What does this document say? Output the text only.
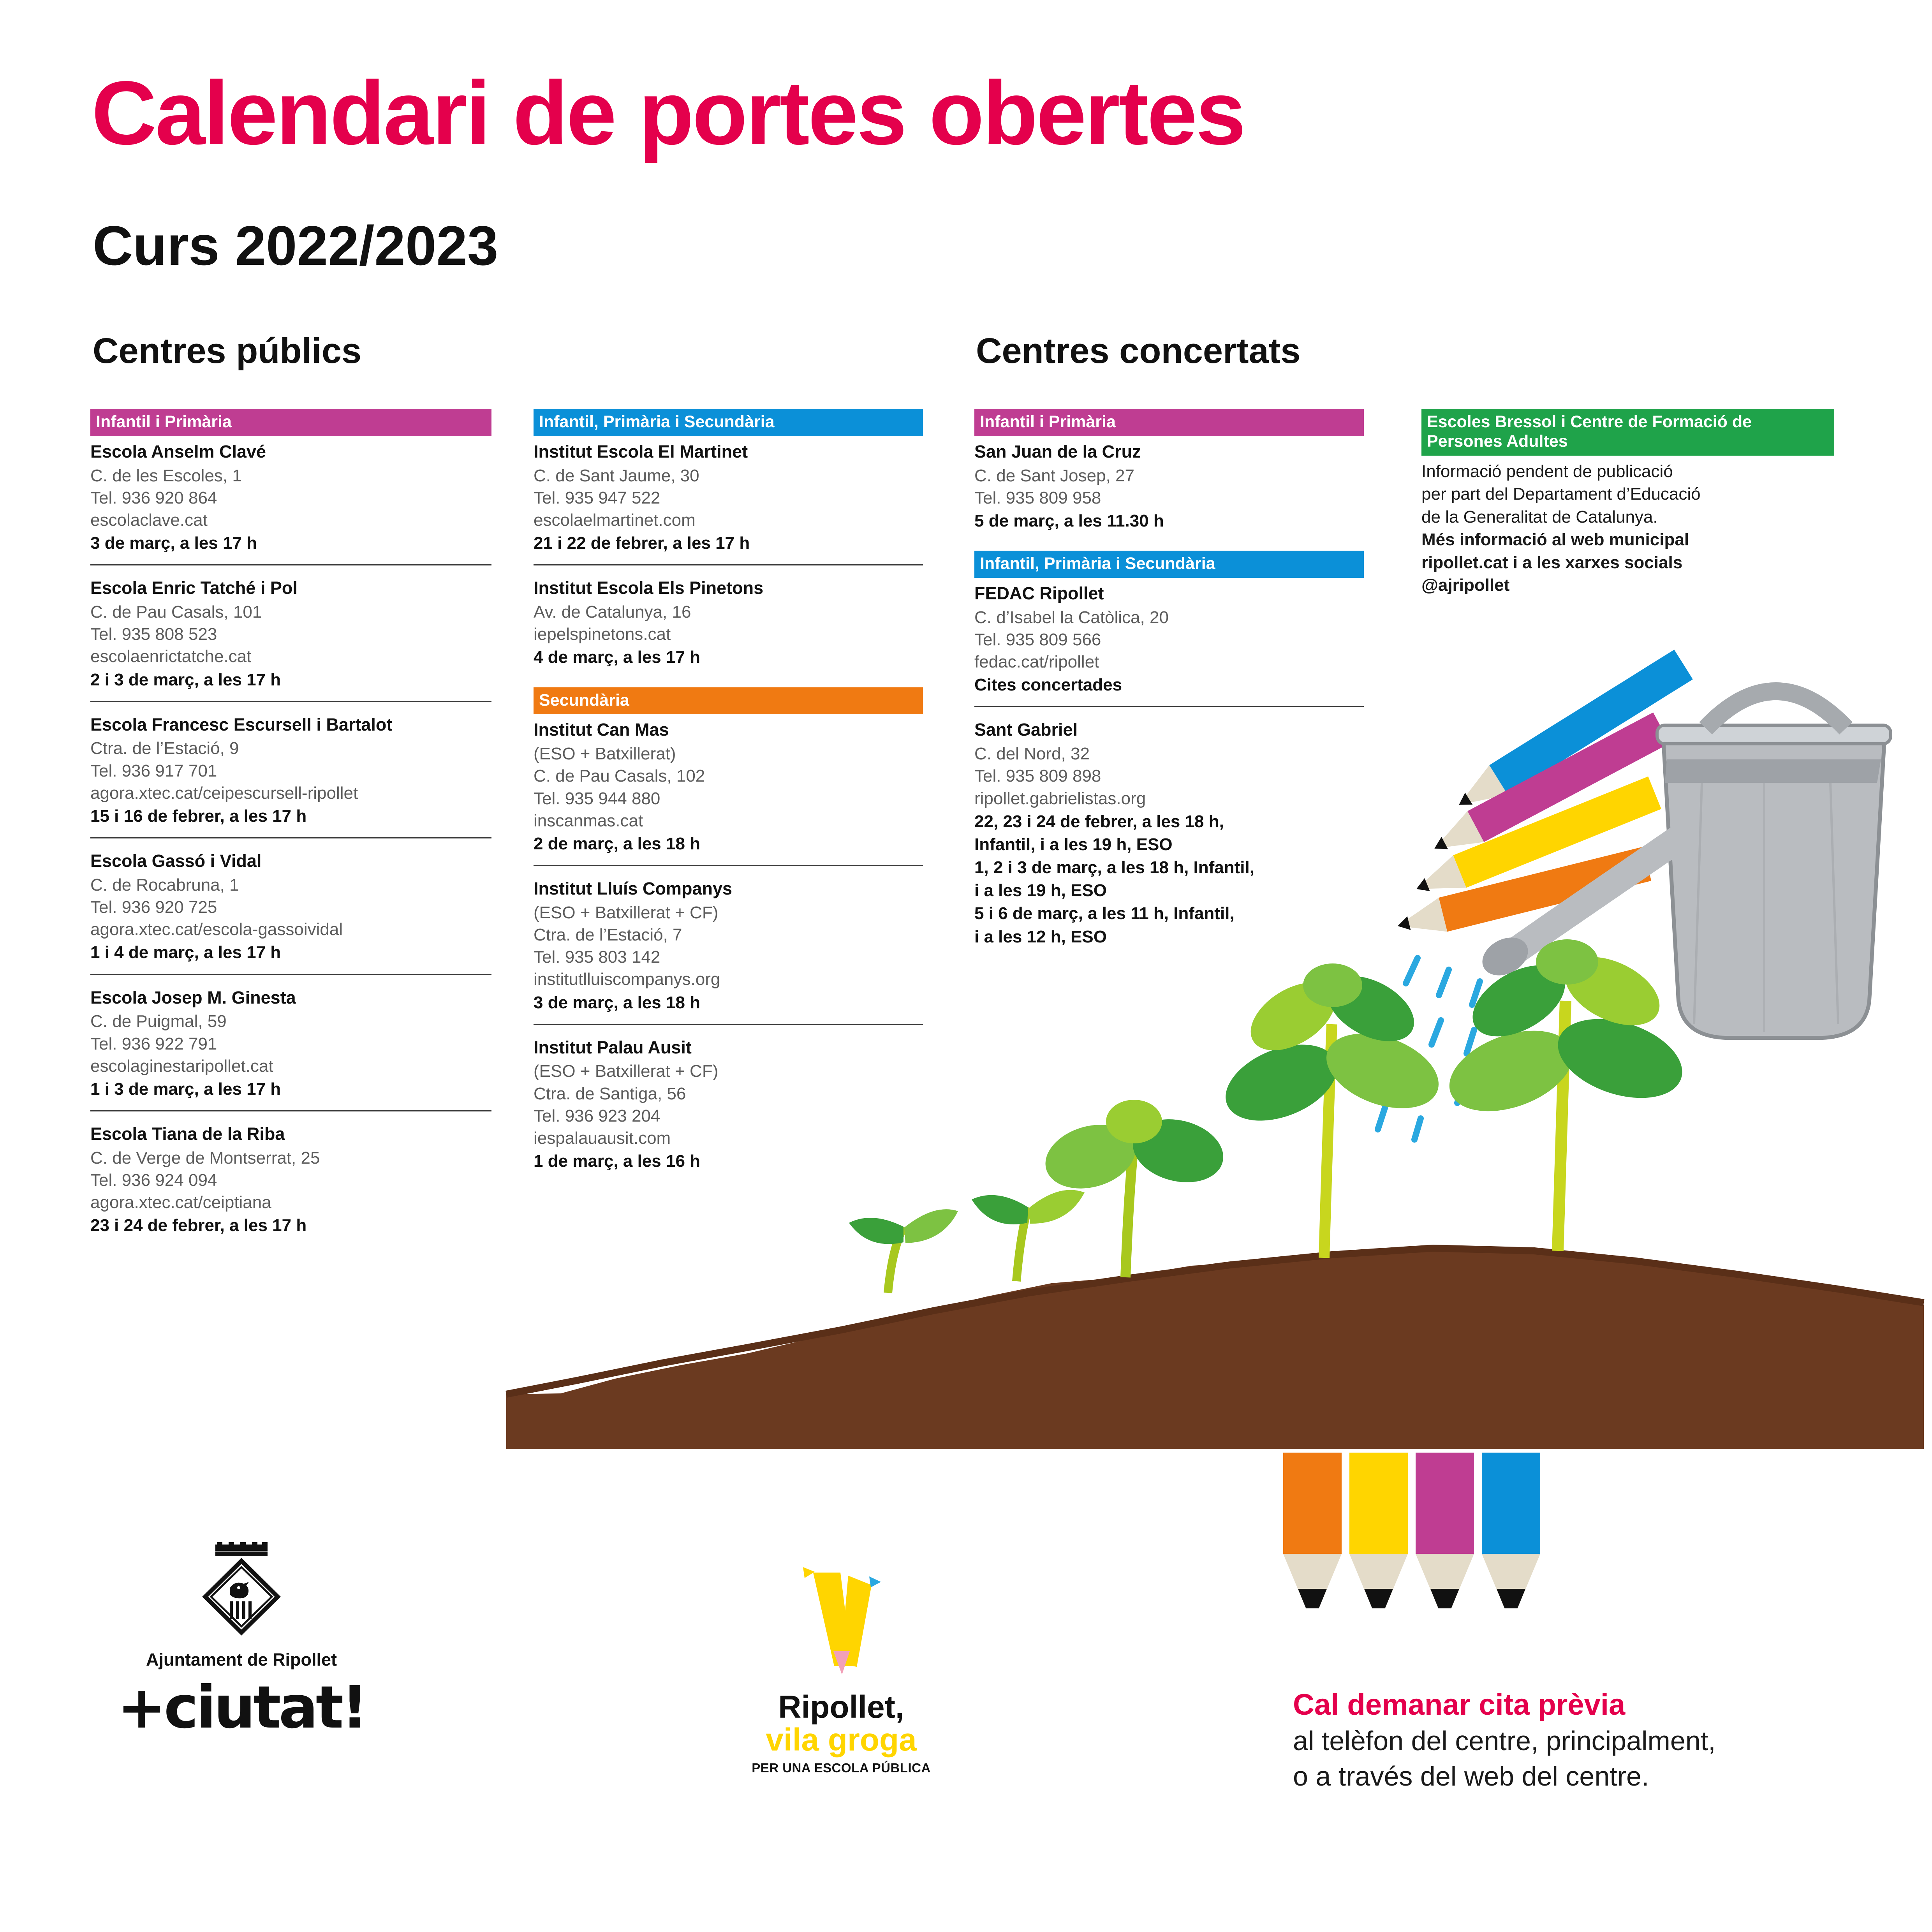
Calendari de portes obertes
Curs 2022/2023
Centres públics	Centres concertats
Infantil i Primària
Escola Anselm Clavé
C. de les Escoles, 1
Tel. 936 920 864
escolaclave.cat
3 de març, a les 17 h
Escola Enric Tatché i Pol
C. de Pau Casals, 101
Tel. 935 808 523
escolaenrictatche.cat
2 i 3 de març, a les 17 h
Escola Francesc Escursell i Bartalot
Ctra. de l’Estació, 9
Tel. 936 917 701
agora.xtec.cat/ceipescursell-ripollet
15 i 16 de febrer, a les 17 h
Escola Gassó i Vidal
C. de Rocabruna, 1
Tel. 936 920 725
agora.xtec.cat/escola-gassoividal
1 i 4 de març, a les 17 h
Escola Josep M. Ginesta
C. de Puigmal, 59
Tel. 936 922 791
escolaginestaripollet.cat
1 i 3 de març, a les 17 h
Escola Tiana de la Riba
C. de Verge de Montserrat, 25
Tel. 936 924 094
agora.xtec.cat/ceiptiana
23 i 24 de febrer, a les 17 h
Infantil, Primària i Secundària
Institut Escola El Martinet
C. de Sant Jaume, 30
Tel. 935 947 522
escolaelmartinet.com
21 i 22 de febrer, a les 17 h
Institut Escola Els Pinetons
Av. de Catalunya, 16
iepelspinetons.cat
4 de març, a les 17 h
Secundària
Institut Can Mas
(ESO + Batxillerat)
C. de Pau Casals, 102
Tel. 935 944 880
inscanmas.cat
2 de març, a les 18 h
Institut Lluís Companys
(ESO + Batxillerat + CF)
Ctra. de l’Estació, 7
Tel. 935 803 142
institutlluiscompanys.org
3 de març, a les 18 h
Institut Palau Ausit
(ESO + Batxillerat + CF)
Ctra. de Santiga, 56
Tel. 936 923 204
iespalauausit.com
1 de març, a les 16 h
Infantil i Primària
San Juan de la Cruz
C. de Sant Josep, 27
Tel. 935 809 958
5 de març, a les 11.30 h
Infantil, Primària i Secundària
FEDAC Ripollet
C. d’Isabel la Catòlica, 20
Tel. 935 809 566
fedac.cat/ripollet
Cites concertades
Sant Gabriel
C. del Nord, 32
Tel. 935 809 898
ripollet.gabrielistas.org
22, 23 i 24 de febrer, a les 18 h,
Infantil, i a les 19 h, ESO
1, 2 i 3 de març, a les 18 h, Infantil,
i a les 19 h, ESO
5 i 6 de març, a les 11 h, Infantil,
i a les 12 h, ESO
Escoles Bressol i Centre de Formació de Persones Adultes
Informació pendent de publicació
per part del Departament d’Educació
de la Generalitat de Catalunya.
Més informació al web municipal
ripollet.cat i a les xarxes socials
@ajripollet
Ajuntament de Ripollet
+ciutat!	Ripollet,
vila groga
PER UNA ESCOLA PÚBLICA
Cal demanar cita prèvia
al telèfon del centre, principalment,
o a través del web del centre.
